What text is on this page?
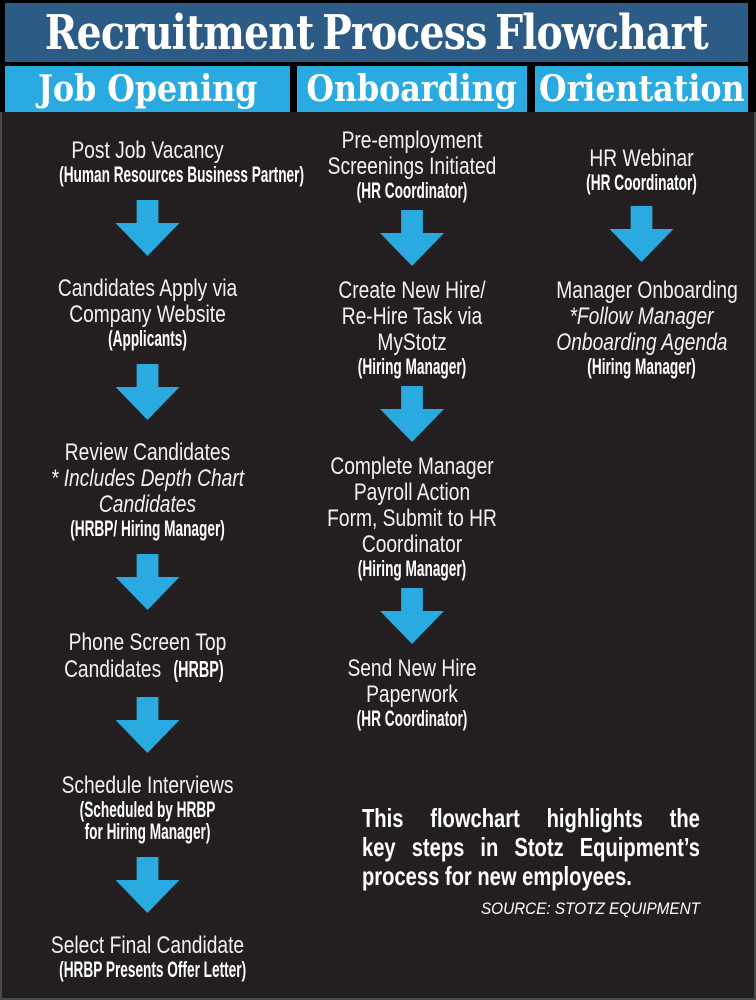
Recruitment Process Flowchart
Job Opening Onboarding Orientation
Post Job Vacancy
(Human Resources Business Partner)
Candidates Apply via
Company Website
(Applicants)
Review Candidates
* Includes Depth Chart
Candidates
(HRBP/ Hiring Manager)
Phone Screen Top
Candidates (HRBP)
Schedule Interviews
(Scheduled by HRBP
for Hiring Manager)
Select Final Candidate
(HRBP Presents Offer Letter)
Pre-employment
Screenings Initiated
(HR Coordinator)
Create New Hire/
Re-Hire Task via
MyStotz
(Hiring Manager)
Complete Manager
Payroll Action
Form, Submit to HR
Coordinator
(Hiring Manager)
Send New Hire
Paperwork
(HR Coordinator)
HR Webinar
(HR Coordinator)
Manager Onboarding
*Follow Manager
Onboarding Agenda
(Hiring Manager)
This flowchart highlights the
key steps in Stotz Equipment’s
process for new employees.
SOURCE: STOTZ EQUIPMENT
